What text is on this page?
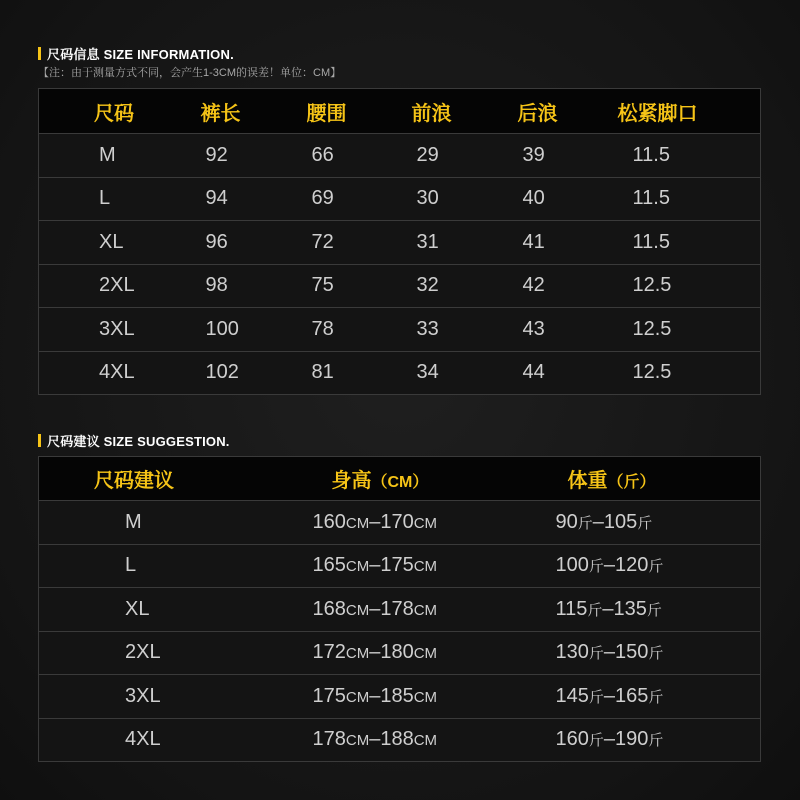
尺码信息 SIZE INFORMATION.
【注：由于测量方式不同，会产生1-3CM的误差！单位：CM】
尺码	裤长	腰围	前浪	后浪	松紧脚口
M	92	66	29	39	11.5
L	94	69	30	40	11.5
XL	96	72	31	41	11.5
2XL	98	75	32	42	12.5
3XL	100	78	33	43	12.5
4XL	102	81	34	44	12.5
尺码建议 SIZE SUGGESTION.
尺码建议	身高（CM）	体重（斤）
M	160CM–170CM	90斤–105斤
L	165CM–175CM	100斤–120斤
XL	168CM–178CM	115斤–135斤
2XL	172CM–180CM	130斤–150斤
3XL	175CM–185CM	145斤–165斤
4XL	178CM–188CM	160斤–190斤
